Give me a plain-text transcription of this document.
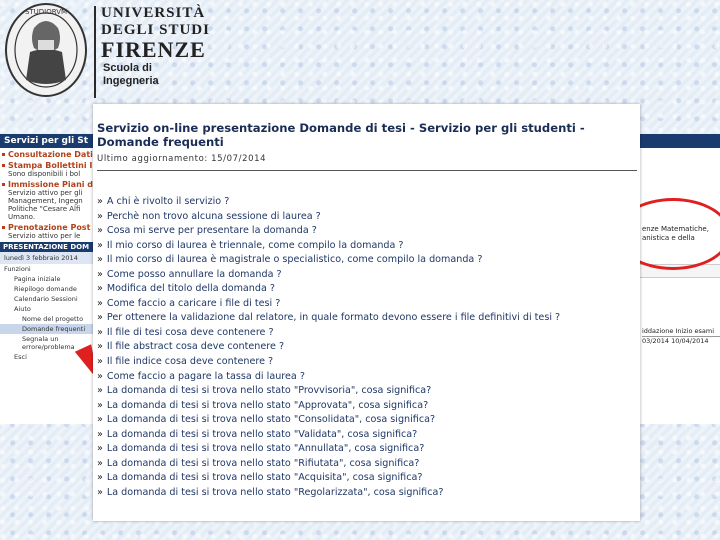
STUDIORVM UNIVERSITÀ
DEGLI STUDI
FIRENZE
Scuola di
Ingegneria
Servizi per gli St
Consultazione Dati
Stampa Bollettini I
Sono disponibili i bol
Immissione Piani d
Servizio attivo per gli Management, Ingegn Politiche "Cesare Alfi Umano.
Prenotazione Post
Servizio attivo per le
PRESENTAZIONE DOM
lunedì 3 febbraio 2014
Funzioni
Pagina iniziale
Riepilogo domande
Calendario Sessioni
Aiuto
Nome del progetto
Domande frequenti
Segnala un errore/problema
Esci
enze Matematiche, anistica e della
iddazione Inizio esami
03/2014 10/04/2014
Servizio on-line presentazione Domande di tesi - Servizio per gli studenti - Domande frequenti
Ultimo aggiornamento: 15/07/2014
» A chi è rivolto il servizio ?
» Perchè non trovo alcuna sessione di laurea ?
» Cosa mi serve per presentare la domanda ?
» Il mio corso di laurea è triennale, come compilo la domanda ?
» Il mio corso di laurea è magistrale o specialistico, come compilo la domanda ?
» Come posso annullare la domanda ?
» Modifica del titolo della domanda ?
» Come faccio a caricare i file di tesi ?
» Per ottenere la validazione dal relatore, in quale formato devono essere i file definitivi di tesi ?
» Il file di tesi cosa deve contenere ?
» Il file abstract cosa deve contenere ?
» Il file indice cosa deve contenere ?
» Come faccio a pagare la tassa di laurea ?
» La domanda di tesi si trova nello stato "Provvisoria", cosa significa?
» La domanda di tesi si trova nello stato "Approvata", cosa significa?
» La domanda di tesi si trova nello stato "Consolidata", cosa significa?
» La domanda di tesi si trova nello stato "Validata", cosa significa?
» La domanda di tesi si trova nello stato "Annullata", cosa significa?
» La domanda di tesi si trova nello stato "Rifiutata", cosa significa?
» La domanda di tesi si trova nello stato "Acquisita", cosa significa?
» La domanda di tesi si trova nello stato "Regolarizzata", cosa significa?
